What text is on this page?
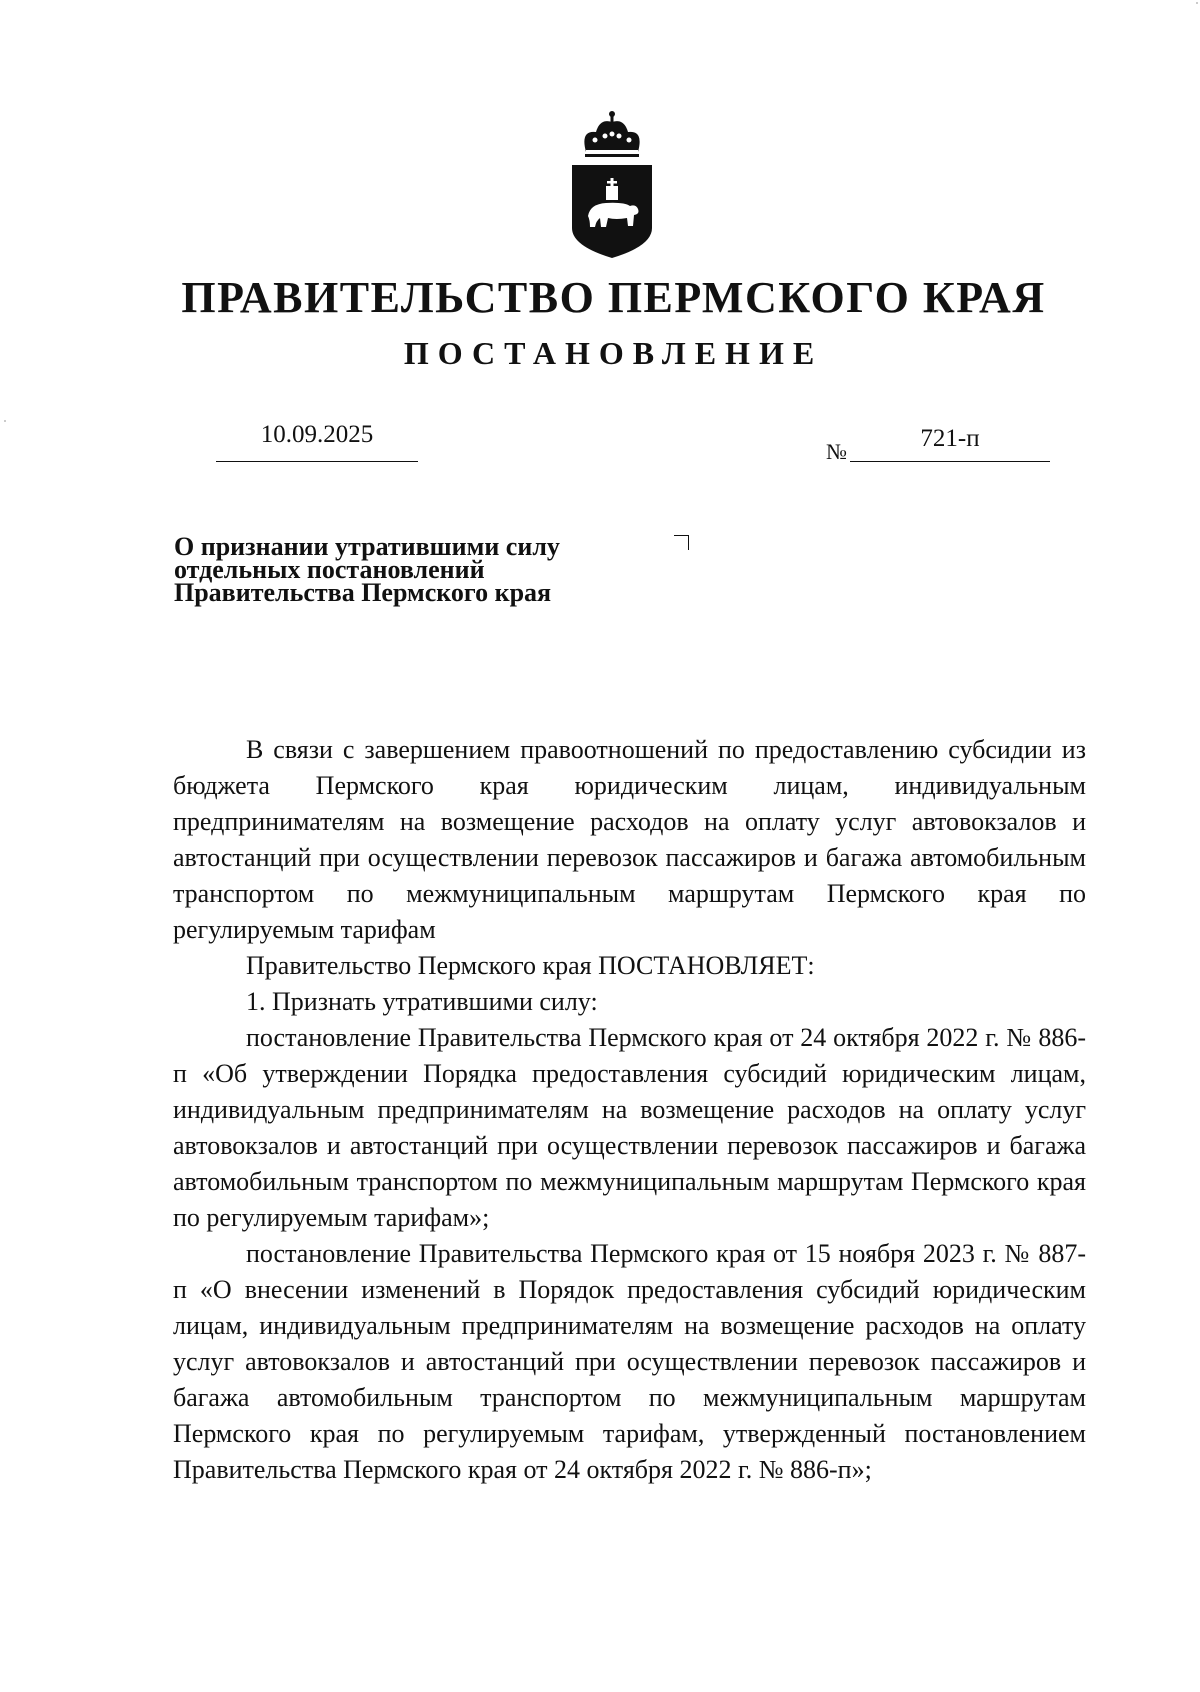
ПРАВИТЕЛЬСТВО ПЕРМСКОГО КРАЯ
ПОСТАНОВЛЕНИЕ
10.09.2025
№	721-п
О признании утратившими силу
отдельных постановлений
Правительства Пермского края

В связи с завершением правоотношений по предоставлению субсидии из бюджета Пермского края юридическим лицам, индивидуальным предпринимателям на возмещение расходов на оплату услуг автовокзалов и автостанций при осуществлении перевозок пассажиров и багажа автомобильным транспортом по межмуниципальным маршрутам Пермского края по регулируемым тарифам

Правительство Пермского края ПОСТАНОВЛЯЕТ:

1. Признать утратившими силу:

постановление Правительства Пермского края от 24 октября 2022 г. № 886-п «Об утверждении Порядка предоставления субсидий юридическим лицам, индивидуальным предпринимателям на возмещение расходов на оплату услуг автовокзалов и автостанций при осуществлении перевозок пассажиров и багажа автомобильным транспортом по межмуниципальным маршрутам Пермского края по регулируемым тарифам»;

постановление Правительства Пермского края от 15 ноября 2023 г. № 887-п «О внесении изменений в Порядок предоставления субсидий юридическим лицам, индивидуальным предпринимателям на возмещение расходов на оплату услуг автовокзалов и автостанций при осуществлении перевозок пассажиров и багажа автомобильным транспортом по межмуниципальным маршрутам Пермского края по регулируемым тарифам, утвержденный постановлением Правительства Пермского края от 24 октября 2022 г. № 886-п»;
